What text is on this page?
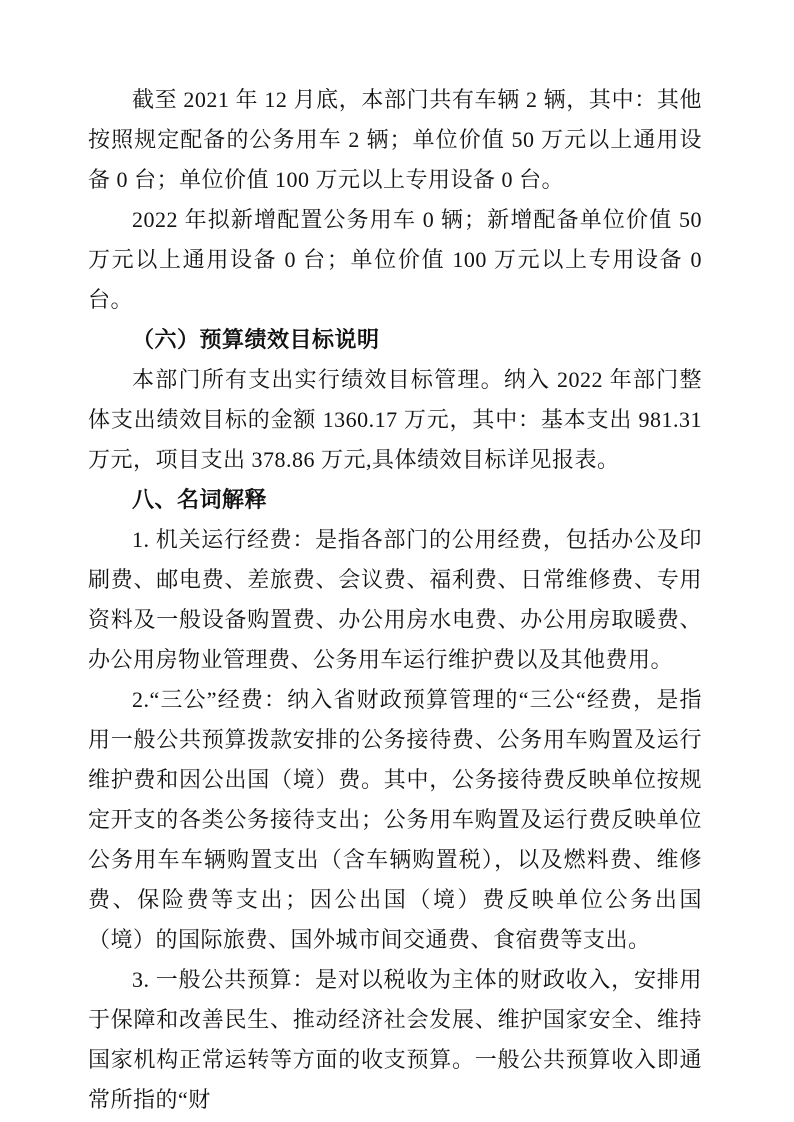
截至 2021 年 12 月底，本部门共有车辆 2 辆，其中：其他按照规定配备的公务用车 2 辆；单位价值 50 万元以上通用设备 0 台；单位价值 100 万元以上专用设备 0 台。

2022 年拟新增配置公务用车 0 辆；新增配备单位价值 50 万元以上通用设备 0 台；单位价值 100 万元以上专用设备 0 台。

（六）预算绩效目标说明

本部门所有支出实行绩效目标管理。纳入 2022 年部门整体支出绩效目标的金额 1360.17 万元，其中：基本支出 981.31 万元，项目支出 378.86 万元,具体绩效目标详见报表。

八、名词解释

1. 机关运行经费：是指各部门的公用经费，包括办公及印刷费、邮电费、差旅费、会议费、福利费、日常维修费、专用资料及一般设备购置费、办公用房水电费、办公用房取暖费、办公用房物业管理费、公务用车运行维护费以及其他费用。

2.“三公”经费：纳入省财政预算管理的“三公“经费，是指用一般公共预算拨款安排的公务接待费、公务用车购置及运行维护费和因公出国（境）费。其中，公务接待费反映单位按规定开支的各类公务接待支出；公务用车购置及运行费反映单位公务用车车辆购置支出（含车辆购置税），以及燃料费、维修费、保险费等支出；因公出国（境）费反映单位公务出国（境）的国际旅费、国外城市间交通费、食宿费等支出。

3. 一般公共预算：是对以税收为主体的财政收入，安排用于保障和改善民生、推动经济社会发展、维护国家安全、维持国家机构正常运转等方面的收支预算。一般公共预算收入即通常所指的“财
